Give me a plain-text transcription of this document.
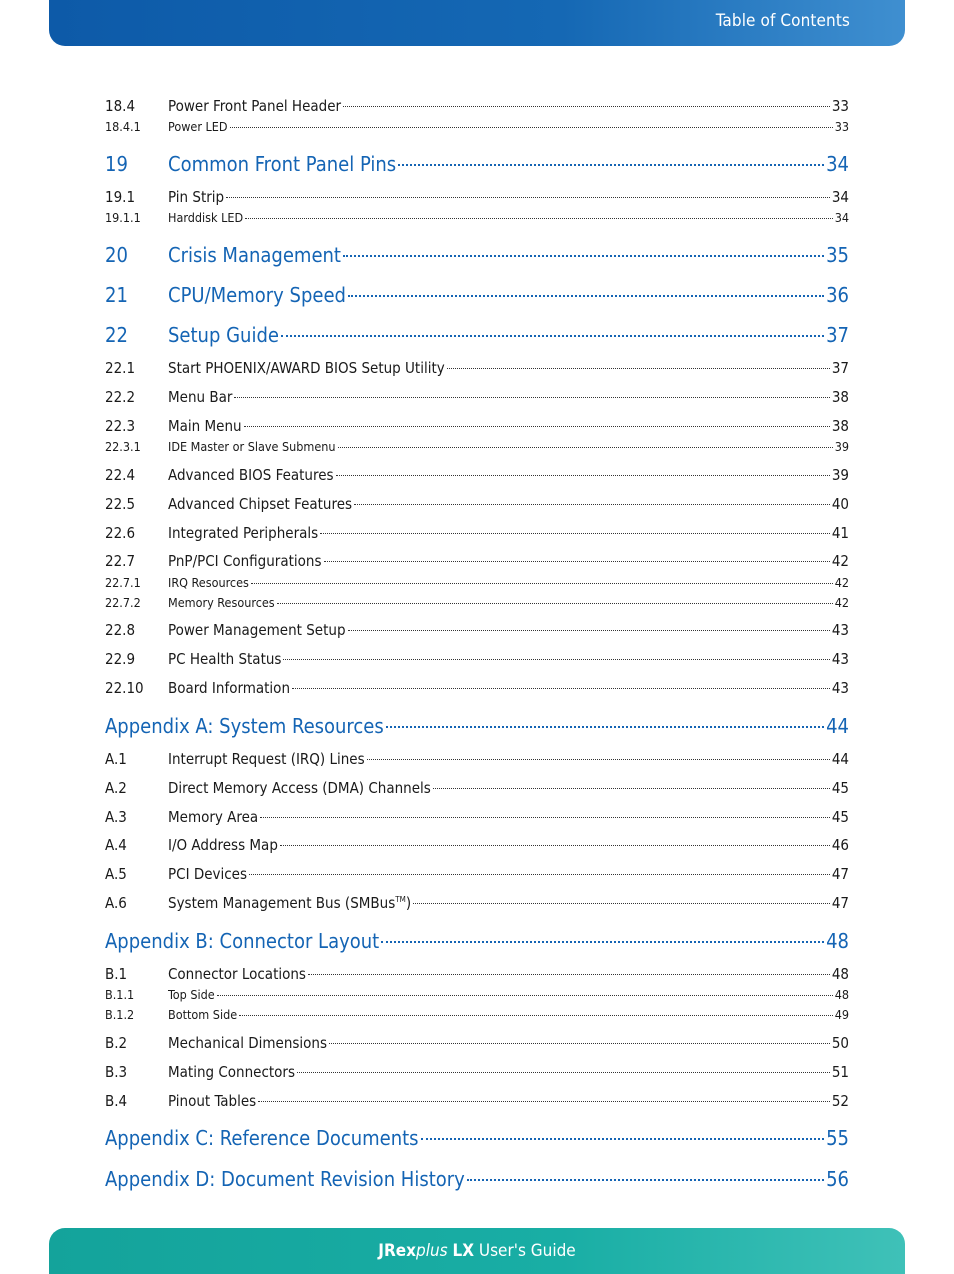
Table of Contents
18.4	Power Front Panel Header	33
18.4.1	Power LED	33
19	Common Front Panel Pins	34
19.1	Pin Strip	34
19.1.1	Harddisk LED	34
20	Crisis Management	35
21	CPU/Memory Speed	36
22	Setup Guide	37
22.1	Start PHOENIX/AWARD BIOS Setup Utility	37
22.2	Menu Bar	38
22.3	Main Menu	38
22.3.1	IDE Master or Slave Submenu	39
22.4	Advanced BIOS Features	39
22.5	Advanced Chipset Features	40
22.6	Integrated Peripherals	41
22.7	PnP/PCI Configurations	42
22.7.1	IRQ Resources	42
22.7.2	Memory Resources	42
22.8	Power Management Setup	43
22.9	PC Health Status	43
22.10	Board Information	43
Appendix A: System Resources	44
A.1	Interrupt Request (IRQ) Lines	44
A.2	Direct Memory Access (DMA) Channels	45
A.3	Memory Area	45
A.4	I/O Address Map	46
A.5	PCI Devices	47
A.6	System Management Bus (SMBus™)	47
Appendix B: Connector Layout	48
B.1	Connector Locations	48
B.1.1	Top Side	48
B.1.2	Bottom Side	49
B.2	Mechanical Dimensions	50
B.3	Mating Connectors	51
B.4	Pinout Tables	52
Appendix C: Reference Documents	55
Appendix D: Document Revision History	56
JRexplus LX User's Guide
